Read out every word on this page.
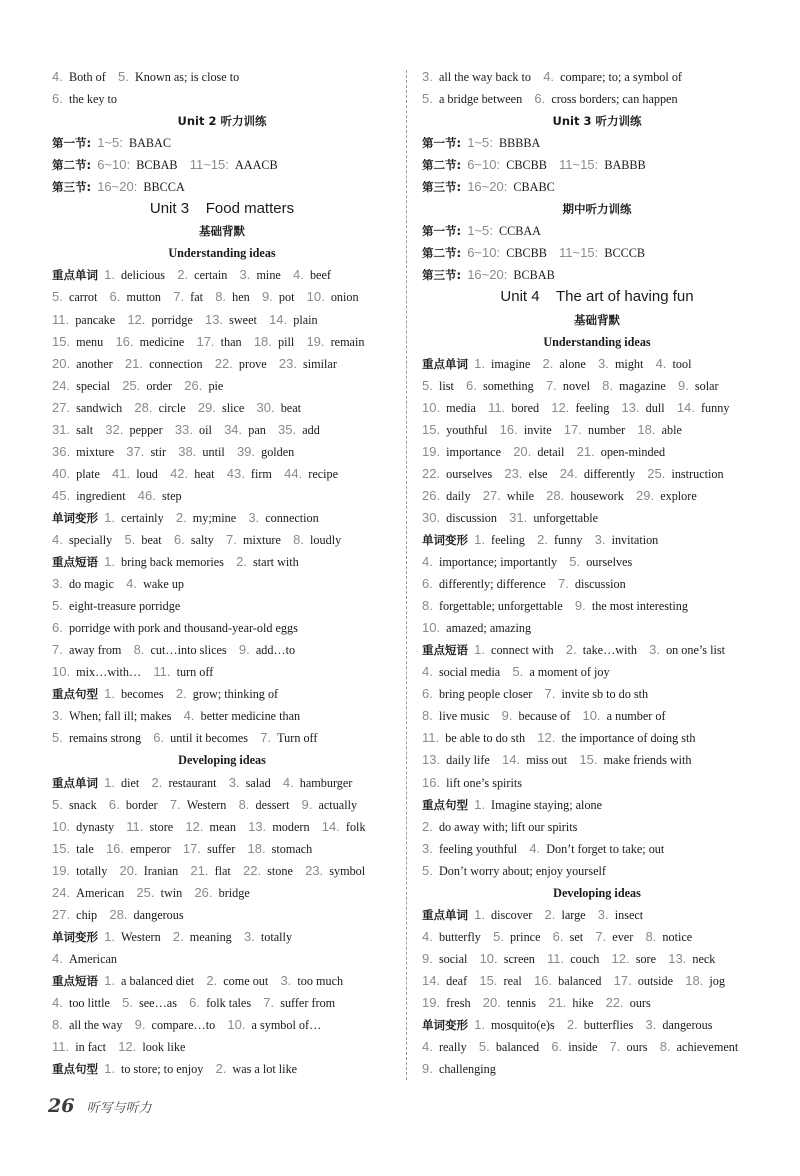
4.  Both of  5.  Known as; is close to
6.  the key to
Unit 2 听力训练
第一节:  1~5:  BABAC
第二节:  6~10:  BCBAB  11~15:  AAACB
第三节:  16~20:  BBCCA
Unit 3    Food matters
基础背默
Understanding ideas
重点单词  1.  delicious  2.  certain  3.  mine  4.  beef
5.  carrot  6.  mutton  7.  fat  8.  hen  9.  pot  10.  onion
11.  pancake  12.  porridge  13.  sweet  14.  plain
15.  menu  16.  medicine  17.  than  18.  pill  19.  remain
20.  another  21.  connection  22.  prove  23.  similar
24.  special  25.  order  26.  pie
27.  sandwich  28.  circle  29.  slice  30.  beat
31.  salt  32.  pepper  33.  oil  34.  pan  35.  add
36.  mixture  37.  stir  38.  until  39.  golden
40.  plate  41.  loud  42.  heat  43.  firm  44.  recipe
45.  ingredient  46.  step
单词变形  1.  certainly  2.  my;mine  3.  connection
4.  specially  5.  beat  6.  salty  7.  mixture  8.  loudly
重点短语  1.  bring back memories  2.  start with
3.  do magic  4.  wake up
5.  eight-treasure porridge
6.  porridge with pork and thousand-year-old eggs
7.  away from  8.  cut…into slices  9.  add…to
10.  mix…with…  11.  turn off
重点句型  1.  becomes  2.  grow; thinking of
3.  When; fall ill; makes  4.  better medicine than
5.  remains strong  6.  until it becomes  7.  Turn off
Developing ideas
重点单词  1.  diet  2.  restaurant  3.  salad  4.  hamburger
5.  snack  6.  border  7.  Western  8.  dessert  9.  actually
10.  dynasty  11.  store  12.  mean  13.  modern  14.  folk
15.  tale  16.  emperor  17.  suffer  18.  stomach
19.  totally  20.  Iranian  21.  flat  22.  stone  23.  symbol
24.  American  25.  twin  26.  bridge
27.  chip  28.  dangerous
单词变形  1.  Western  2.  meaning  3.  totally
4.  American
重点短语  1.  a balanced diet  2.  come out  3.  too much
4.  too little  5.  see…as  6.  folk tales  7.  suffer from
8.  all the way  9.  compare…to  10.  a symbol of…
11.  in fact  12.  look like
重点句型  1.  to store; to enjoy  2.  was a lot like
3.  all the way back to  4.  compare; to; a symbol of
5.  a bridge between  6.  cross borders; can happen
Unit 3 听力训练
第一节:  1~5:  BBBBA
第二节:  6~10:  CBCBB  11~15:  BABBB
第三节:  16~20:  CBABC
期中听力训练
第一节:  1~5:  CCBAA
第二节:  6~10:  CBCBB  11~15:  BCCCB
第三节:  16~20:  BCBAB
Unit 4    The art of having fun
基础背默
Understanding ideas
重点单词  1.  imagine  2.  alone  3.  might  4.  tool
5.  list  6.  something  7.  novel  8.  magazine  9.  solar
10.  media  11.  bored  12.  feeling  13.  dull  14.  funny
15.  youthful  16.  invite  17.  number  18.  able
19.  importance  20.  detail  21.  open-minded
22.  ourselves  23.  else  24.  differently  25.  instruction
26.  daily  27.  while  28.  housework  29.  explore
30.  discussion  31.  unforgettable
单词变形  1.  feeling  2.  funny  3.  invitation
4.  importance; importantly  5.  ourselves
6.  differently; difference  7.  discussion
8.  forgettable; unforgettable  9.  the most interesting
10.  amazed; amazing
重点短语  1.  connect with  2.  take…with  3.  on one’s list
4.  social media  5.  a moment of joy
6.  bring people closer  7.  invite sb to do sth
8.  live music  9.  because of  10.  a number of
11.  be able to do sth  12.  the importance of doing sth
13.  daily life  14.  miss out  15.  make friends with
16.  lift one’s spirits
重点句型  1.  Imagine staying; alone
2.  do away with; lift our spirits
3.  feeling youthful  4.  Don’t forget to take; out
5.  Don’t worry about; enjoy yourself
Developing ideas
重点单词  1.  discover  2.  large  3.  insect
4.  butterfly  5.  prince  6.  set  7.  ever  8.  notice
9.  social  10.  screen  11.  couch  12.  sore  13.  neck
14.  deaf  15.  real  16.  balanced  17.  outside  18.  jog
19.  fresh  20.  tennis  21.  hike  22.  ours
单词变形  1.  mosquito(e)s  2.  butterflies  3.  dangerous
4.  really  5.  balanced  6.  inside  7.  ours  8.  achievement
9.  challenging
26 听写与听力
